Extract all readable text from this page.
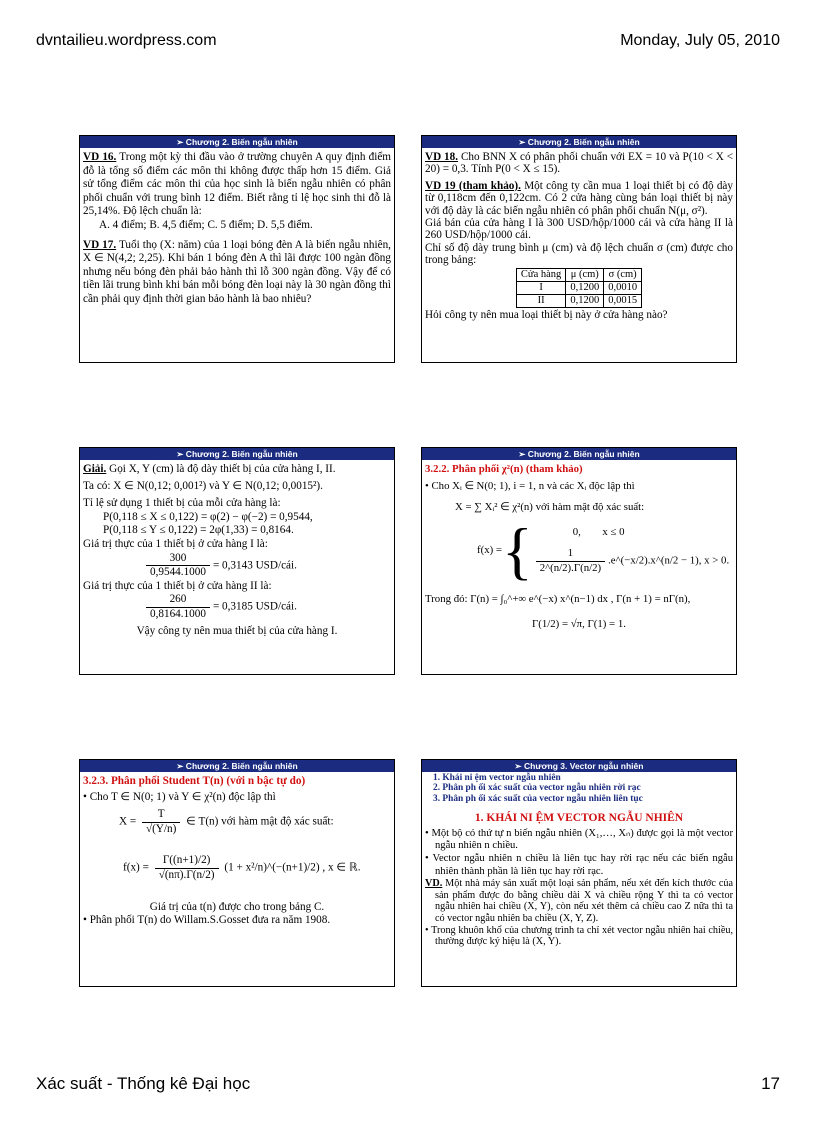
dvntailieu.wordpress.com	Monday, July 05, 2010
➢ Chương 2. Biến ngẫu nhiên

VD 16. Trong một kỳ thi đầu vào ở trường chuyên A quy định điểm đỗ là tổng số điểm các môn thi không được thấp hơn 15 điểm. Giả sử tổng điểm các môn thi của học sinh là biến ngẫu nhiên có phân phối chuẩn với trung bình 12 điểm. Biết rằng tỉ lệ học sinh thi đỗ là 25,14%. Độ lệch chuẩn là:

A. 4 điểm; B. 4,5 điểm; C. 5 điểm; D. 5,5 điểm.

VD 17. Tuổi thọ (X: năm) của 1 loại bóng đèn A là biến ngẫu nhiên, X ∈ N(4,2; 2,25). Khi bán 1 bóng đèn A thì lãi được 100 ngàn đồng nhưng nếu bóng đèn phải bảo hành thì lỗ 300 ngàn đồng. Vậy để có tiền lãi trung bình khi bán mỗi bóng đèn loại này là 30 ngàn đồng thì cần phải quy định thời gian bảo hành là bao nhiêu?

➢ Chương 2. Biến ngẫu nhiên

VD 18. Cho BNN X có phân phối chuẩn với EX = 10 và P(10 < X < 20) = 0,3. Tính P(0 < X ≤ 15).

VD 19 (tham khảo). Một công ty cần mua 1 loại thiết bị có độ dày từ 0,118cm đến 0,122cm. Có 2 cửa hàng cùng bán loại thiết bị này với độ dày là các biến ngẫu nhiên có phân phối chuẩn N(μ, σ²).

Giá bán của cửa hàng I là 300 USD/hộp/1000 cái và cửa hàng II là 260 USD/hộp/1000 cái.

Chỉ số độ dày trung bình μ (cm) và độ lệch chuẩn σ (cm) được cho trong bảng:

Cửa hàng	μ (cm)	σ (cm)
I	0,1200	0,0010
II	0,1200	0,0015

Hỏi công ty nên mua loại thiết bị này ở cửa hàng nào?

➢ Chương 2. Biến ngẫu nhiên

Giải. Gọi X, Y (cm) là độ dày thiết bị của cửa hàng I, II.

Ta có: X ∈ N(0,12; 0,001²) và Y ∈ N(0,12; 0,0015²).

Tỉ lệ sử dụng 1 thiết bị của mỗi cửa hàng là:

P(0,118 ≤ X ≤ 0,122) = φ(2) − φ(−2) = 0,9544,

P(0,118 ≤ Y ≤ 0,122) = 2φ(1,33) = 0,8164.

Giá trị thực của 1 thiết bị ở cửa hàng I là:

$\frac{300}{0,9544.1000} = 0,3143$ USD/cái.

Giá trị thực của 1 thiết bị ở cửa hàng II là:

$\frac{260}{0,8164.1000} = 0,3185$ USD/cái.

Vậy công ty nên mua thiết bị của cửa hàng I.

➢ Chương 2. Biến ngẫu nhiên

3.2.2. Phân phối χ²(n) (tham khảo)

• Cho Xᵢ ∈ N(0; 1), i = 1, n và các Xᵢ độc lập thì

X = ∑ Xᵢ² ∈ χ²(n) với hàm mật độ xác suất:

f(x) = {	0,        x ≤ 0
$\frac{1}{2\^{}(n/2).\Gamma(n/2)}$ .e^(−x/2).x^(n/2 − 1), x > 0.

Trong đó: Γ(n) = ∫₀^+∞ e^(−x) x^(n−1) dx , Γ(n + 1) = nΓ(n),

Γ(1/2) = √π, Γ(1) = 1.

➢ Chương 2. Biến ngẫu nhiên

3.2.3. Phân phối Student T(n) (với n bậc tự do)

• Cho T ∈ N(0; 1) và Y ∈ χ²(n) độc lập thì

$X = \frac{T}{√(Y/n)}$ ∈ T(n) với hàm mật độ xác suất:

$f(x) = \frac{\Gamma((n+1)/2)}{√(n\pi).\Gamma(n/2)} (1$ + x²/n)^(−(n+1)/2) , x ∈ ℝ.

Giá trị của t(n) được cho trong bảng C.

• Phân phối T(n) do Willam.S.Gosset đưa ra năm 1908.

➢ Chương 3. Vector ngẫu nhiên

1. Khái ni ệm vector ngẫu nhiên

2. Phân ph ối xác suất của vector ngẫu nhiên rời rạc

3. Phân ph ối xác suất của vector ngẫu nhiên liên tục

1. KHÁI NI ỆM VECTOR NGẪU NHIÊN

• Một bộ có thứ tự n biến ngẫu nhiên (X₁,…, Xₙ) được gọi là một vector ngẫu nhiên n chiều.

• Vector ngẫu nhiên n chiều là liên tục hay rời rạc nếu các biến ngẫu nhiên thành phần là liên tục hay rời rạc.

VD. Một nhà máy sản xuất một loại sản phẩm, nếu xét đến kích thước của sản phẩm được đo bằng chiều dài X và chiều rộng Y thì ta có vector ngẫu nhiên hai chiều (X, Y), còn nếu xét thêm cả chiều cao Z nữa thì ta có vector ngẫu nhiên ba chiều (X, Y, Z).

• Trong khuôn khổ của chương trình ta chỉ xét vector ngẫu nhiên hai chiều, thường được ký hiệu là (X, Y).

Xác suất - Thống kê Đại học	17
